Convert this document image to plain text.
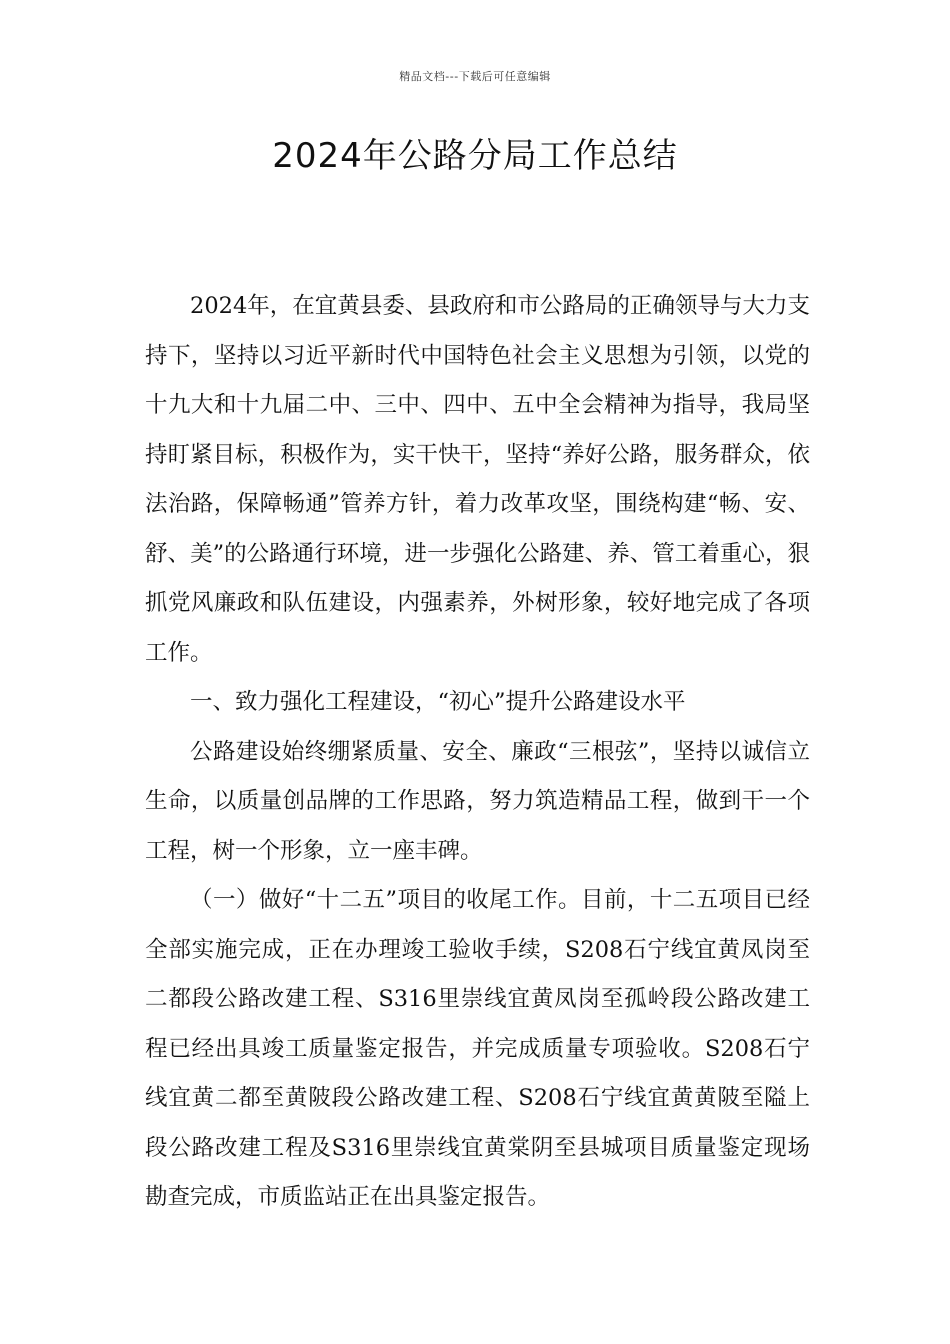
精品文档---下载后可任意编辑
2024年公路分局工作总结

2024年，在宜黄县委、县政府和市公路局的正确领导与大力支持下，坚持以习近平新时代中国特色社会主义思想为引领，以党的十九大和十九届二中、三中、四中、五中全会精神为指导，我局坚持盯紧目标，积极作为，实干快干，坚持“养好公路，服务群众，依法治路，保障畅通”管养方针，着力改革攻坚，围绕构建“畅、安、舒、美”的公路通行环境，进一步强化公路建、养、管工着重心，狠抓党风廉政和队伍建设，内强素养，外树形象，较好地完成了各项工作。

一、致力强化工程建设，“初心”提升公路建设水平

公路建设始终绷紧质量、安全、廉政“三根弦”，坚持以诚信立生命，以质量创品牌的工作思路，努力筑造精品工程，做到干一个工程，树一个形象，立一座丰碑。

（一）做好“十二五”项目的收尾工作。目前，十二五项目已经全部实施完成，正在办理竣工验收手续，S208石宁线宜黄凤岗至二都段公路改建工程、S316里崇线宜黄凤岗至孤岭段公路改建工程已经出具竣工质量鉴定报告，并完成质量专项验收。S208石宁线宜黄二都至黄陂段公路改建工程、S208石宁线宜黄黄陂至隘上段公路改建工程及S316里崇线宜黄棠阴至县城项目质量鉴定现场勘查完成，市质监站正在出具鉴定报告。
